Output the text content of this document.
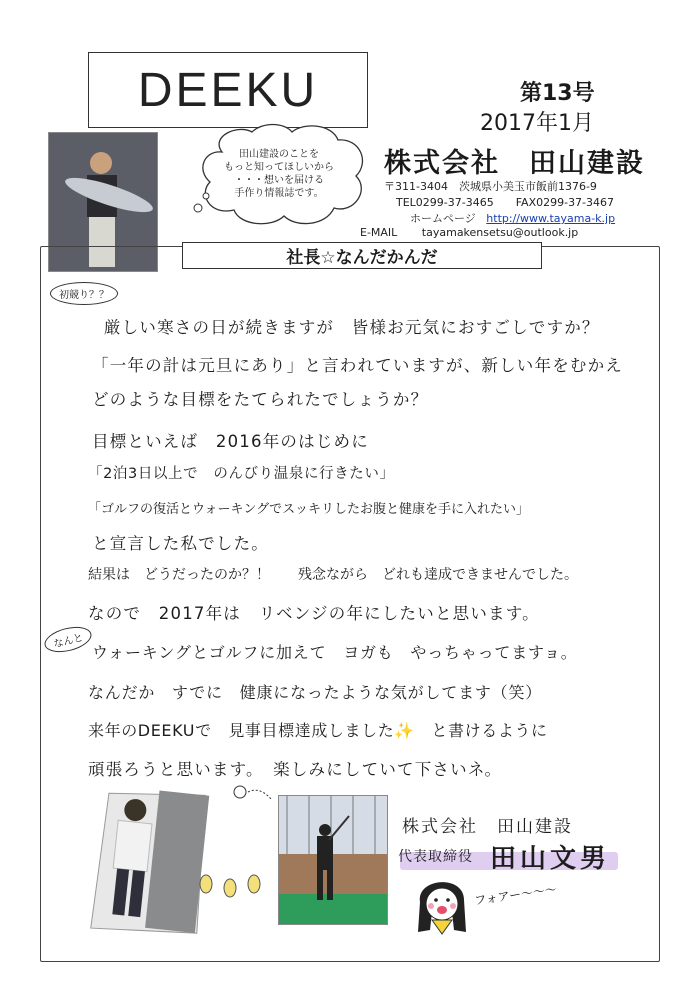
DEEKU	第13号
2017年1月
株式会社　田山建設
〒311-3404　茨城県小美玉市飯前1376-9
TEL0299-37-3465　　FAX0299-37-3467
ホームページ http://www.tayama-k.jp
E-MAIL tayamakensetsu@outlook.jp
田山建設のことを
もっと知ってほしいから
・・・想いを届ける
手作り情報誌です。
社長☆なんだかんだ
初競り？？
なんと
厳しい寒さの日が続きますが　皆様お元気におすごしですか？
「一年の計は元旦にあり」と言われていますが、新しい年をむかえ
どのような目標をたてられたでしょうか？
目標といえば　2016年のはじめに
「2泊3日以上で　のんびり温泉に行きたい」
「ゴルフの復活とウォーキングでスッキリしたお腹と健康を手に入れたい」
と宣言した私でした。
結果は　どうだったのか？！　　残念ながら　どれも達成できませんでした。
なので　2017年は　リベンジの年にしたいと思います。
ウォーキングとゴルフに加えて　ヨガも　やっちゃってますョ。
なんだか　すでに　健康になったような気がしてます（笑）
来年のDEEKUで　見事目標達成しました✨　と書けるように
頑張ろうと思います。　楽しみにしていて下さいネ。
株式会社　田山建設
代表取締役 田山文男
フォアー〜〜〜
